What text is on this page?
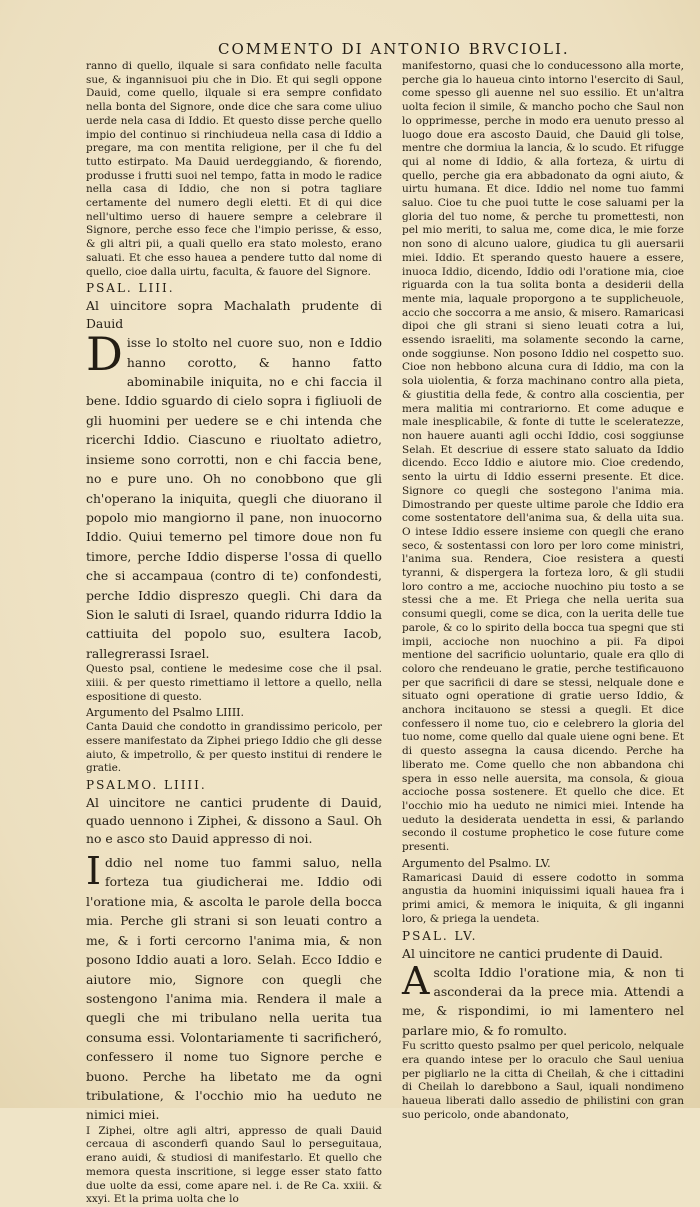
COMMENTO DI ANTONIO BRVCIOLI.

ranno di quello, ilquale si sara confidato nelle faculta sue, & ingannisuoi piu che in Dio. Et qui segli oppone Dauid, come quello, ilquale si era sempre confidato nella bonta del Signore, onde dice che sara come uliuo uerde nela casa di Iddio. Et questo disse perche quello impio del continuo si rinchiudeua nella casa di Iddio a pregare, ma con mentita religione, per il che fu del tutto estirpato. Ma Dauid uerdeggiando, & fiorendo, produsse i frutti suoi nel tempo, fatta in modo le radice nella casa di Iddio, che non si potra tagliare certamente del numero degli eletti. Et di qui dice nell'ultimo uerso di hauere sempre a celebrare il Signore, perche esso fece che l'impio perisse, & esso, & gli altri pii, a quali quello era stato molesto, erano saluati. Et che esso hauea a pendere tutto dal nome di quello, cioe dalla uirtu, faculta, & fauore del Signore.

PSAL. LIII.

Al uincitore sopra Machalath prudente di Dauid

Disse lo stolto nel cuore suo, non e Iddio hanno corotto, & hanno fatto abominabile iniquita, no e chi faccia il bene. Iddio sguardo di cielo sopra i figliuoli de gli huomini per uedere se e chi intenda che ricerchi Iddio. Ciascuno e riuoltato adietro, insieme sono corrotti, non e chi faccia bene, no e pure uno. Oh no conobbono que gli ch'operano la iniquita, quegli che diuorano il popolo mio mangiorno il pane, non inuocorno Iddio. Quiui temerno pel timore doue non fu timore, perche Iddio disperse l'ossa di quello che si accampaua (contro di te) confondesti, perche Iddio dispreszo quegli. Chi dara da Sion le saluti di Israel, quando ridurra Iddio la cattiuita del popolo suo, esultera Iacob, rallegrerassi Israel.

Questo psal, contiene le medesime cose che il psal. xiiii. & per questo rimettiamo il lettore a quello, nella espositione di questo.

Argumento del Psalmo LIIII.

Canta Dauid che condotto in grandissimo pericolo, per essere manifestato da Ziphei priego Iddio che gli desse aiuto, & impetrollo, & per questo institui di rendere le gratie.

PSALMO. LIIII.

Al uincitore ne cantici prudente di Dauid, quado uennono i Ziphei, & dissono a Saul. Oh no e asco sto Dauid appresso di noi.

Iddio nel nome tuo fammi saluo, nella forteza tua giudicherai me. Iddio odi l'oratione mia, & ascolta le parole della bocca mia. Perche gli strani si son leuati contro a me, & i forti cercorno l'anima mia, & non posono Iddio auati a loro. Selah. Ecco Iddio e aiutore mio, Signore con quegli che sostengono l'anima mia. Rendera il male a quegli che mi tribulano nella uerita tua consuma essi. Volontariamente ti sacrificheró, confessero il nome tuo Signore perche e buono. Perche ha libetato me da ogni tribulatione, & l'occhio mio ha ueduto ne nimici miei.

I Ziphei, oltre agli altri, appresso de quali Dauid cercaua di asconderfi quando Saul lo perseguitaua, erano auidi, & studiosi di manifestarlo. Et quello che memora questa inscritione, si legge esser stato fatto due uolte da essi, come apare nel. i. de Re Ca. xxiii. & xxyi. Et la prima uolta che lo

manifestorno, quasi che lo conducessono alla morte, perche gia lo haueua cinto intorno l'esercito di Saul, come spesso gli auenne nel suo essilio. Et un'altra uolta fecion il simile, & mancho pocho che Saul non lo opprimesse, perche in modo era uenuto presso al luogo doue era ascosto Dauid, che Dauid gli tolse, mentre che dormiua la lancia, & lo scudo. Et rifugge qui al nome di Iddio, & alla forteza, & uirtu di quello, perche gia era abbadonato da ogni aiuto, & uirtu humana. Et dice. Iddio nel nome tuo fammi saluo. Cioe tu che puoi tutte le cose saluami per la gloria del tuo nome, & perche tu promettesti, non pel mio meriti, to salua me, come dica, le mie forze non sono di alcuno ualore, giudica tu gli auersarii miei. Iddio. Et sperando questo hauere a essere, inuoca Iddio, dicendo, Iddio odi l'oratione mia, cioe riguarda con la tua solita bonta a desiderii della mente mia, laquale proporgono a te supplicheuole, accio che soccorra a me ansio, & misero. Ramaricasi dipoi che gli strani si sieno leuati cotra a lui, essendo israeliti, ma solamente secondo la carne, onde soggiunse. Non posono Iddio nel cospetto suo. Cioe non hebbono alcuna cura di Iddio, ma con la sola uiolentia, & forza machinano contro alla pieta, & giustitia della fede, & contro alla coscientia, per mera malitia mi contrariorno. Et come aduque e male inesplicabile, & fonte di tutte le sceleratezze, non hauere auanti agli occhi Iddio, cosi soggiunse Selah. Et descriue di essere stato saluato da Iddio dicendo. Ecco Iddio e aiutore mio. Cioe credendo, sento la uirtu di Iddio esserni presente. Et dice. Signore co quegli che sostegono l'anima mia. Dimostrando per queste ultime parole che Iddio era come sostentatore dell'anima sua, & della uita sua. O intese Iddio essere insieme con quegli che erano seco, & sostentassi con loro per loro come ministri, l'anima sua. Rendera, Cioe resistera a questi tyranni, & dispergera la forteza loro, & gli studii loro contro a me, accioche nuochino piu tosto a se stessi che a me. Et Priega che nella uerita sua consumi quegli, come se dica, con la uerita delle tue parole, & co lo spirito della bocca tua spegni que sti impii, accioche non nuochino a pii. Fa dipoi mentione del sacrificio uoluntario, quale era qllo di coloro che rendeuano le gratie, perche testificauono per que sacrificii di dare se stessi, nelquale done e situato ogni operatione di gratie uerso Iddio, & anchora incitauono se stessi a quegli. Et dice confessero il nome tuo, cio e celebrero la gloria del tuo nome, come quello dal quale uiene ogni bene. Et di questo assegna la causa dicendo. Perche ha liberato me. Come quello che non abbandona chi spera in esso nelle auersita, ma consola, & gioua accioche possa sostenere. Et quello che dice. Et l'occhio mio ha ueduto ne nimici miei. Intende ha ueduto la desiderata uendetta in essi, & parlando secondo il costume prophetico le cose future come presenti.

Argumento del Psalmo. LV.

Ramaricasi Dauid di essere codotto in somma angustia da huomini iniquissimi iquali hauea fra i primi amici, & memora le iniquita, & gli inganni loro, & priega la uendeta.

PSAL. LV.

Al uincitore ne cantici prudente di Dauid.

Ascolta Iddio l'oratione mia, & non ti asconderai da la prece mia. Attendi a me, & rispondimi, io mi lamentero nel parlare mio, & fo romulto.

Fu scritto questo psalmo per quel pericolo, nelquale era quando intese per lo oraculo che Saul ueniua per pigliarlo ne la citta di Cheilah, & che i cittadini di Cheilah lo darebbono a Saul, iquali nondimeno haueua liberati dallo assedio de philistini con gran suo pericolo, onde abandonato,
